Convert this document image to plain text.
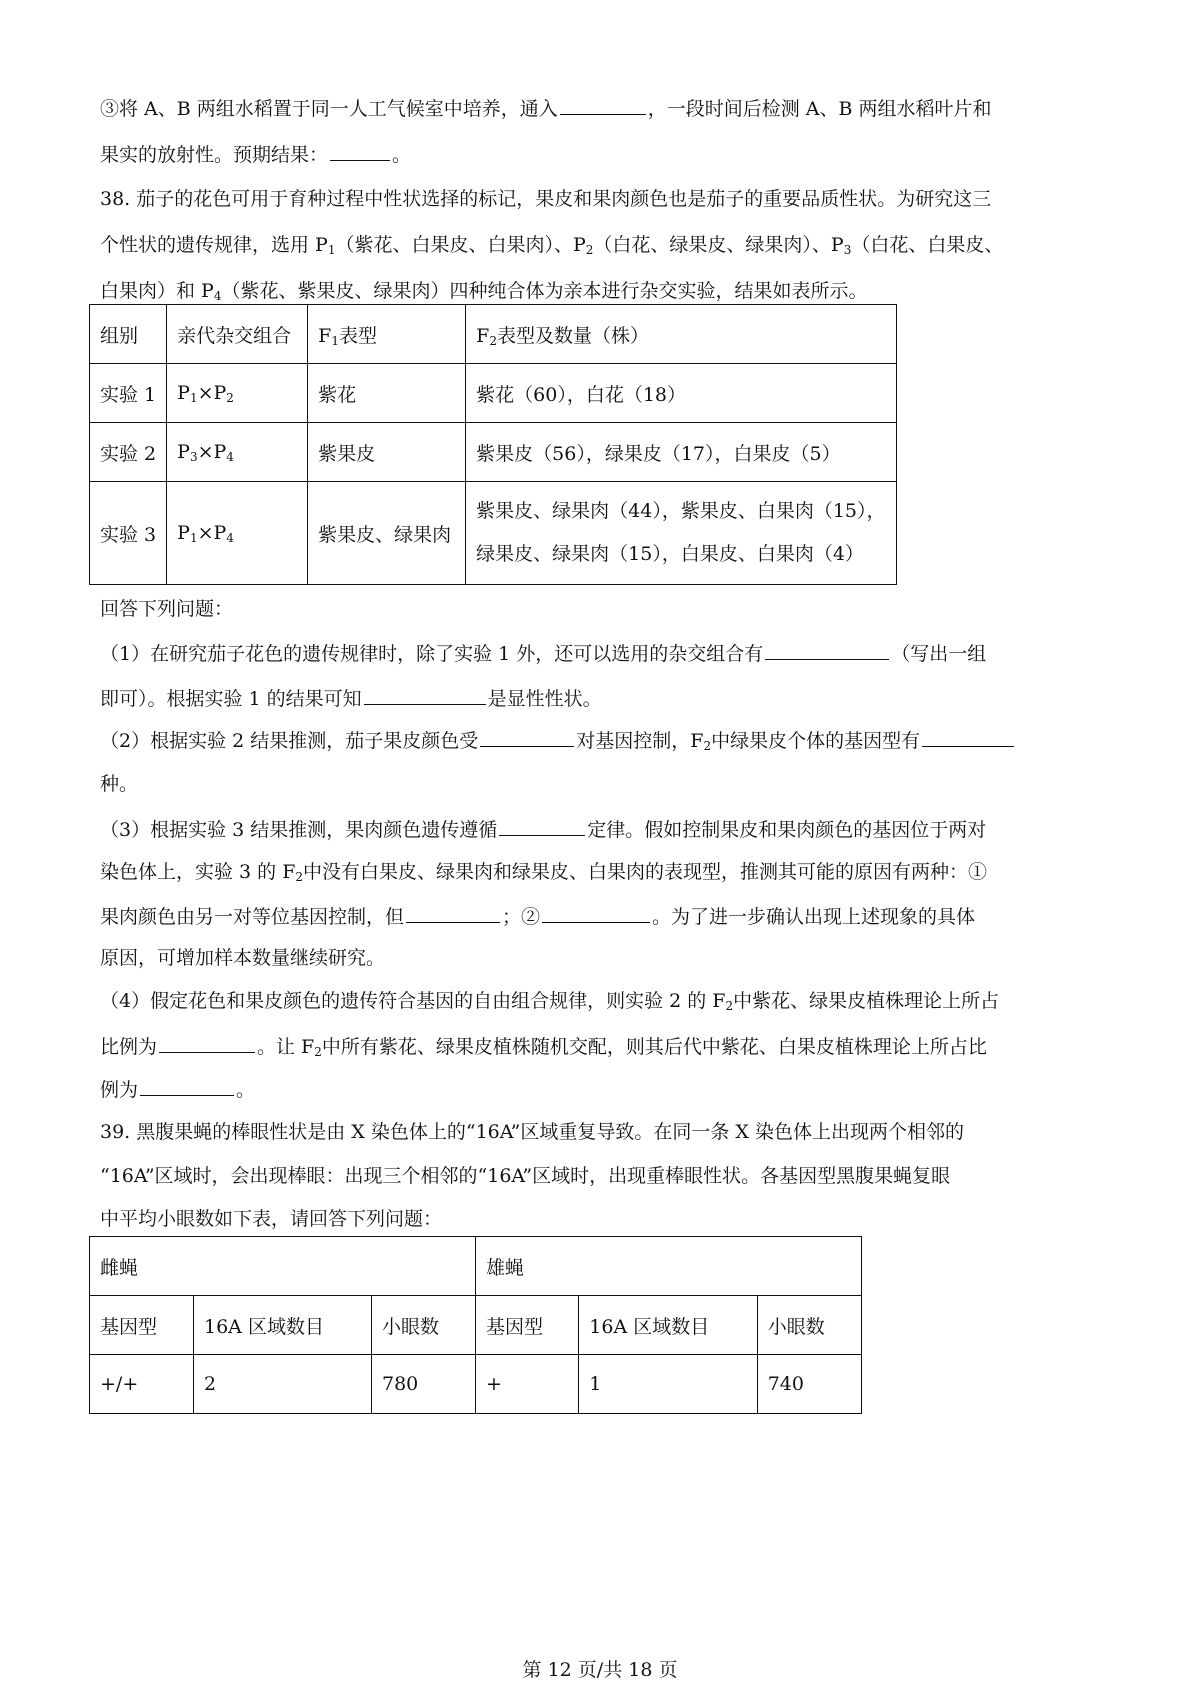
③将 A、B 两组水稻置于同一人工气候室中培养，通入	，一段时间后检测 A、B 两组水稻叶片和
果实的放射性。预期结果：	。
38. 茄子的花色可用于育种过程中性状选择的标记，果皮和果肉颜色也是茄子的重要品质性状。为研究这三
个性状的遗传规律，选用 $P_1$（紫花、白果皮、白果肉）、$P_2$（白花、绿果皮、绿果肉）、$P_3$（白花、白果皮、
白果肉）和 $P_4$（紫花、紫果皮、绿果肉）四种纯合体为亲本进行杂交实验，结果如表所示。
组别	亲代杂交组合	$F_1$表型	$F_2$表型及数量（株）
实验 1	$P_1\times P_2$	紫花	紫花（60），白花（18）
实验 2	$P_3\times P_4$	紫果皮	紫果皮（56），绿果皮（17），白果皮（5）
实验 3	$P_1\times P_4$	紫果皮、绿果肉	紫果皮、绿果肉（44），紫果皮、白果肉（15），
绿果皮、绿果肉（15），白果皮、白果肉（4）
回答下列问题：
（1）在研究茄子花色的遗传规律时，除了实验 1 外，还可以选用的杂交组合有	（写出一组
即可）。根据实验 1 的结果可知	是显性性状。
（2）根据实验 2 结果推测，茄子果皮颜色受	对基因控制，$F_2$中绿果皮个体的基因型有
种。
（3）根据实验 3 结果推测，果肉颜色遗传遵循	定律。假如控制果皮和果肉颜色的基因位于两对
染色体上，实验 3 的 $F_2$中没有白果皮、绿果肉和绿果皮、白果肉的表现型，推测其可能的原因有两种：①
果肉颜色由另一对等位基因控制，但	；②	。为了进一步确认出现上述现象的具体
原因，可增加样本数量继续研究。
（4）假定花色和果皮颜色的遗传符合基因的自由组合规律，则实验 2 的 $F_2$中紫花、绿果皮植株理论上所占
比例为	。让 $F_2$中所有紫花、绿果皮植株随机交配，则其后代中紫花、白果皮植株理论上所占比
例为	。
39. 黑腹果蝇的棒眼性状是由 X 染色体上的“16A”区域重复导致。在同一条 X 染色体上出现两个相邻的
“16A”区域时，会出现棒眼：出现三个相邻的“16A”区域时，出现重棒眼性状。各基因型黑腹果蝇复眼
中平均小眼数如下表，请回答下列问题：
雌蝇			雄蝇		
基因型	16A 区域数目	小眼数	基因型	16A 区域数目	小眼数
+/+	2	780	+	1	740
第 12 页/共 18 页
